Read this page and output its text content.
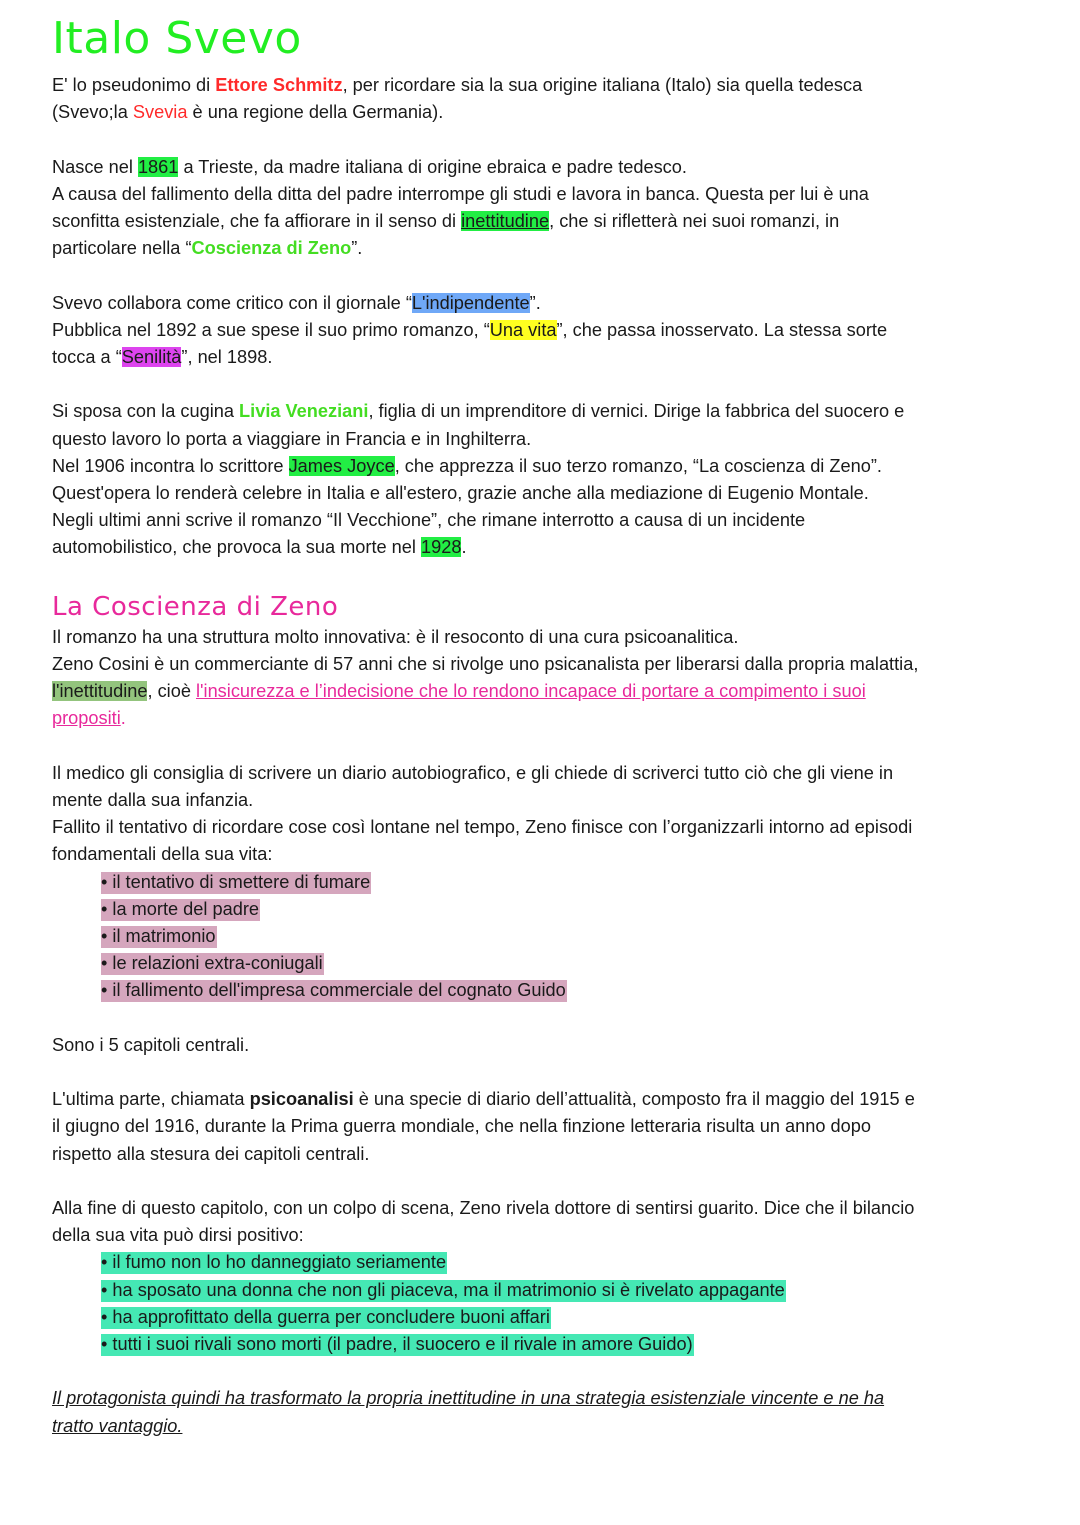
Italo Svevo
E' lo pseudonimo di Ettore Schmitz, per ricordare sia la sua origine italiana (Italo) sia quella tedesca
(Svevo;la Svevia è una regione della Germania).
Nasce nel 1861 a Trieste, da madre italiana di origine ebraica e padre tedesco.
A causa del fallimento della ditta del padre interrompe gli studi e lavora in banca. Questa per lui è una
sconfitta esistenziale, che fa affiorare in il senso di inettitudine, che si rifletterà nei suoi romanzi, in
particolare nella “Coscienza di Zeno”.
Svevo collabora come critico con il giornale “L'indipendente”.
Pubblica nel 1892 a sue spese il suo primo romanzo, “Una vita”, che passa inosservato. La stessa sorte
tocca a “Senilità”, nel 1898.
Si sposa con la cugina Livia Veneziani, figlia di un imprenditore di vernici. Dirige la fabbrica del suocero e
questo lavoro lo porta a viaggiare in Francia e in Inghilterra.
Nel 1906 incontra lo scrittore James Joyce, che apprezza il suo terzo romanzo, “La coscienza di Zeno”.
Quest'opera lo renderà celebre in Italia e all'estero, grazie anche alla mediazione di Eugenio Montale.
Negli ultimi anni scrive il romanzo “Il Vecchione”, che rimane interrotto a causa di un incidente
automobilistico, che provoca la sua morte nel 1928.
La Coscienza di Zeno
Il romanzo ha una struttura molto innovativa: è il resoconto di una cura psicoanalitica.
Zeno Cosini è un commerciante di 57 anni che si rivolge uno psicanalista per liberarsi dalla propria malattia,
l'inettitudine, cioè l'insicurezza e l’indecisione che lo rendono incapace di portare a compimento i suoi
propositi.
Il medico gli consiglia di scrivere un diario autobiografico, e gli chiede di scriverci tutto ciò che gli viene in
mente dalla sua infanzia.
Fallito il tentativo di ricordare cose così lontane nel tempo, Zeno finisce con l’organizzarli intorno ad episodi
fondamentali della sua vita:
• il tentativo di smettere di fumare
• la morte del padre
• il matrimonio
• le relazioni extra-coniugali
• il fallimento dell'impresa commerciale del cognato Guido

Sono i 5 capitoli centrali.

L'ultima parte, chiamata psicoanalisi è una specie di diario dell’attualità, composto fra il maggio del 1915 e
il giugno del 1916, durante la Prima guerra mondiale, che nella finzione letteraria risulta un anno dopo
rispetto alla stesura dei capitoli centrali.
Alla fine di questo capitolo, con un colpo di scena, Zeno rivela dottore di sentirsi guarito. Dice che il bilancio
della sua vita può dirsi positivo:
• il fumo non lo ho danneggiato seriamente
• ha sposato una donna che non gli piaceva, ma il matrimonio si è rivelato appagante
• ha approfittato della guerra per concludere buoni affari
• tutti i suoi rivali sono morti (il padre, il suocero e il rivale in amore Guido)
Il protagonista quindi ha trasformato la propria inettitudine in una strategia esistenziale vincente e ne ha
tratto vantaggio.
